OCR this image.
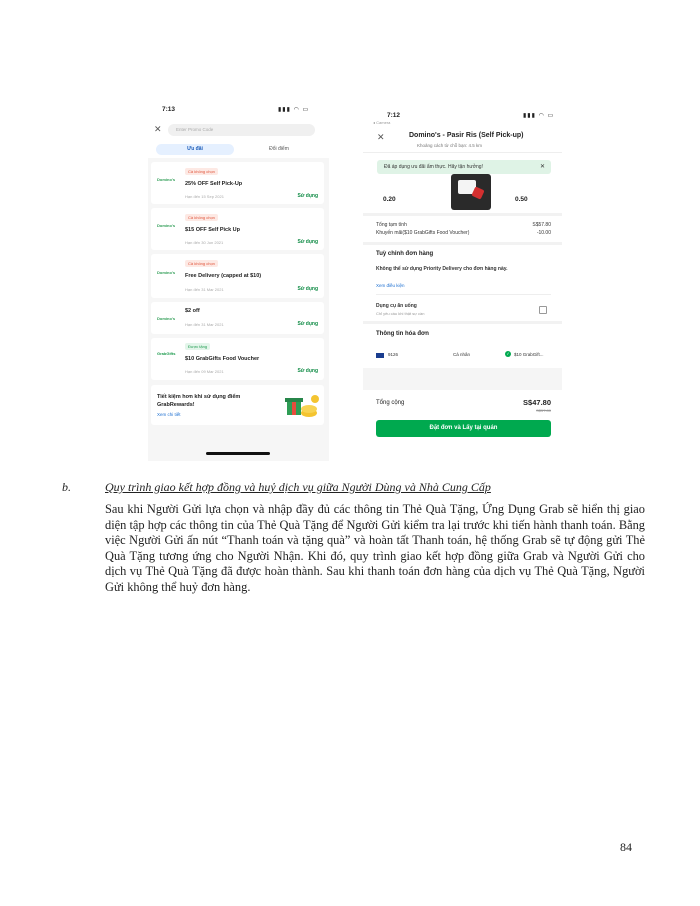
7:13	▮▮▮ ◠ ▭
✕	Enter Promo Code
Ưu đãi	Đổi điểm
Domino's
Cả không chọn
25% OFF Self Pick-Up
Hạn đến 15 Sep 2021	Sử dụng
Domino's
Cả không chọn
$15 OFF Self Pick Up
Hạn đến 30 Jun 2021	Sử dụng
Domino's
Cả không chọn
Free Delivery (capped at $10)
Hạn đến 31 Mar 2021	Sử dụng
Domino's
$2 off
Hạn đến 31 Mar 2021	Sử dụng
GrabGifts
Được tặng
$10 GrabGifts Food Voucher
Hạn đến 09 Mar 2021	Sử dụng
Tiết kiệm hơn khi sử dụng điểm
GrabRewards!
Xem chi tiết
7:12
◂ Camera
▮▮▮ ◠ ▭
✕	Domino's - Pasir Ris (Self Pick-up)
Khoảng cách từ chỗ bạn: 4.5 km
Đã áp dụng ưu đãi ẩm thực. Hãy tận hưởng!	✕
0.20	0.50
Tổng tạm tính	S$57.80
Khuyến mãi($10 GrabGifts Food Voucher)	-10.00
Tuỳ chỉnh đơn hàng
Không thể sử dụng Priority Delivery cho đơn hàng này.
Xem điều kiện
Dụng cụ ăn uống
Chỉ yêu cầu khi thật sự cần
Thông tin hóa đơn
9126	Cá nhân	✓ $10 GrabGift...
Tổng cộng	S$47.80
S$57.80
Đặt đơn và Lấy tại quán
b.	Quy trình giao kết hợp đồng và huỷ dịch vụ giữa Người Dùng và Nhà Cung Cấp

Sau khi Người Gửi lựa chọn và nhập đầy đủ các thông tin Thẻ Quà Tặng, Ứng Dụng Grab sẽ hiển thị giao diện tập hợp các thông tin của Thẻ Quà Tặng để Người Gửi kiểm tra lại trước khi tiến hành thanh toán. Bằng việc Người Gửi ấn nút “Thanh toán và tặng quà” và hoàn tất Thanh toán, hệ thống Grab sẽ tự động gửi Thẻ Quà Tặng tương ứng cho Người Nhận. Khi đó, quy trình giao kết hợp đồng giữa Grab và Người Gửi cho dịch vụ Thẻ Quà Tặng đã được hoàn thành. Sau khi thanh toán đơn hàng của dịch vụ Thẻ Quà Tặng, Người Gửi không thể huỷ đơn hàng.

84
